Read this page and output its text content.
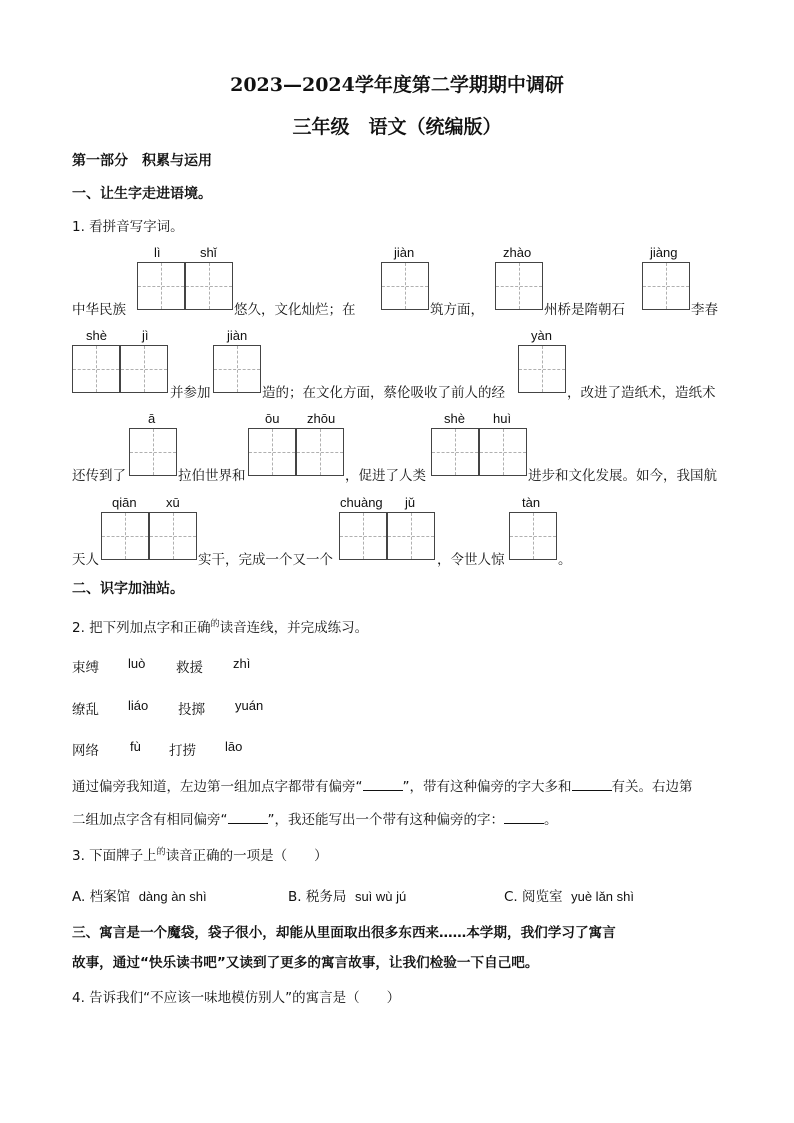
2023—2024学年度第二学期期中调研
三年级　语文（统编版）
第一部分　积累与运用
一、让生字走进语境。
1. 看拼音写字词。
lì	shǐ	jiàn	zhào	jiàng
中华民族	悠久，文化灿烂；在	筑方面，	州桥是隋朝石	李春
shè	jì	jiàn	yàn
并参加	造的；在文化方面，蔡伦吸收了前人的经	，改进了造纸术，造纸术
ā	ōu zhōu	shè huì
还传到了	拉伯世界和	，促进了人类	进步和文化发展。如今，我国航
qiān xū	chuàng jǔ	tàn
天人	实干，完成一个又一个	，令世人惊	。
二、识字加油站。
2. 把下列加点字和正确$^的$读音连线，并完成练习。
束缚 luò 救援 zhì
缭乱 liáo 投掷 yuán
网络 fù 打捞 lāo
通过偏旁我知道，左边第一组加点字都带有偏旁“	”，带有这种偏旁的字大多和	有关。右边第
二组加点字含有相同偏旁“	”，我还能写出一个带有这种偏旁的字：	。
3. 下面牌子上$^的$读音正确的一项是（　　）
A. 档案馆 dàng àn shì	B. 税务局 suì wù jú	C. 阅览室 yuè lǎn shì
三、寓言是一个魔袋，袋子很小，却能从里面取出很多东西来……本学期，我们学习了寓言
故事，通过“快乐读书吧”又读到了更多的寓言故事，让我们检验一下自己吧。
4. 告诉我们“不应该一味地模仿别人”的寓言是（　　）
